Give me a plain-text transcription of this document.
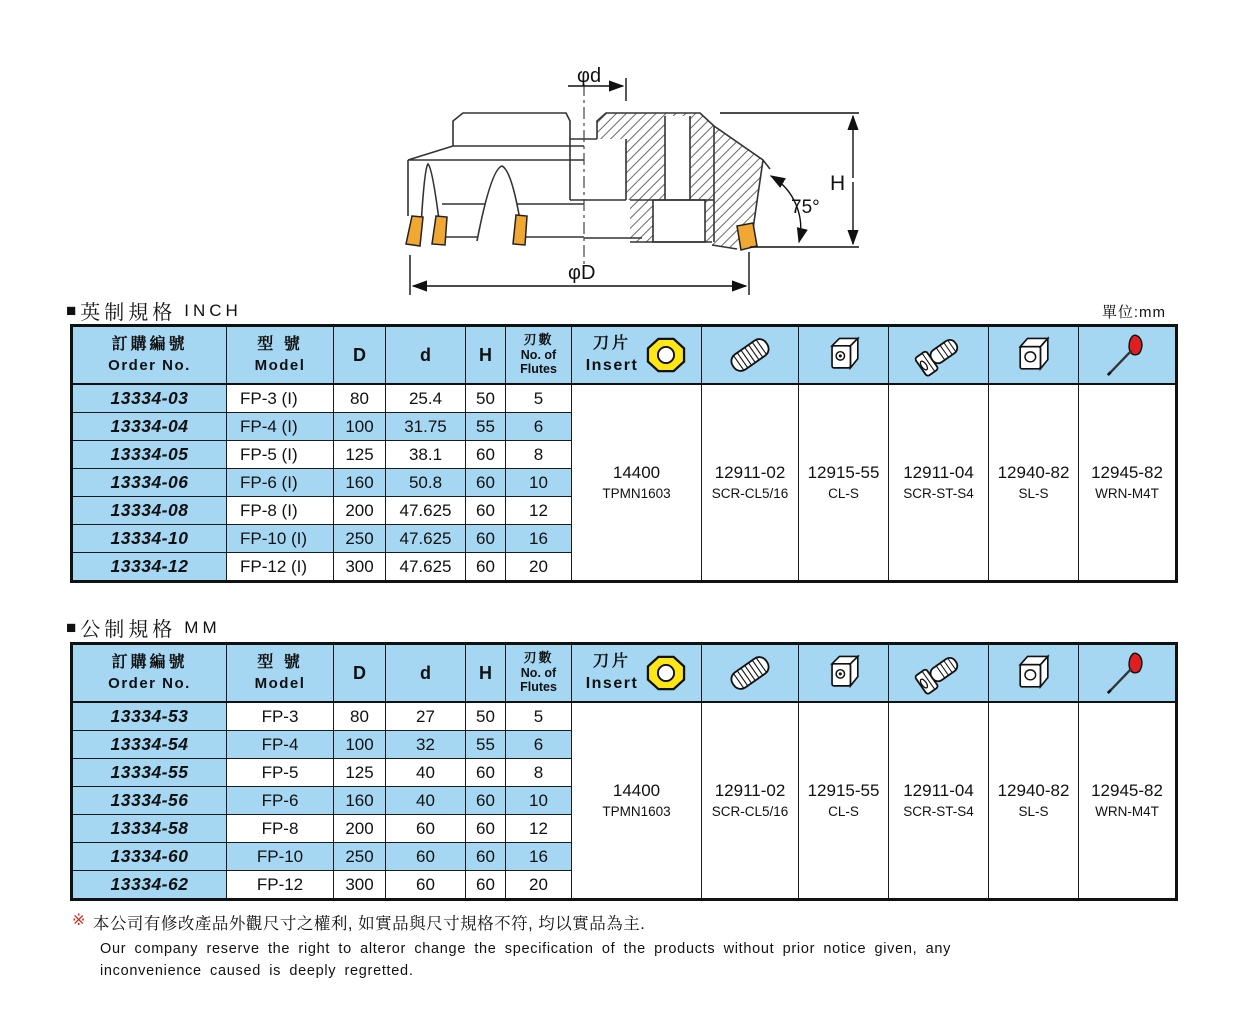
φd
H
75°
φD
■ 英制規格 INCH	單位:mm
訂購編號
Order No.

型 號
Model
	D	d	H	
刃數
No. of
Flutes

刀片
Insert

13334-03	FP-3 (I)	80	25.4	50	5	
14400
TPMN1603

12911-02
SCR-CL5/16

12915-55
CL-S

12911-04
SCR-ST-S4

12940-82
SL-S

12945-82
WRN-M4T

13334-04	FP-4 (I)	100	31.75	55	6						
13334-05	FP-5 (I)	125	38.1	60	8						
13334-06	FP-6 (I)	160	50.8	60	10						
13334-08	FP-8 (I)	200	47.625	60	12						
13334-10	FP-10 (I)	250	47.625	60	16						
13334-12	FP-12 (I)	300	47.625	60	20						
■ 公制規格 MM
訂購編號
Order No.

型 號
Model
	D	d	H	
刃數
No. of
Flutes

刀片
Insert

13334-53	FP-3	80	27	50	5	
14400
TPMN1603

12911-02
SCR-CL5/16

12915-55
CL-S

12911-04
SCR-ST-S4

12940-82
SL-S

12945-82
WRN-M4T

13334-54	FP-4	100	32	55	6						
13334-55	FP-5	125	40	60	8						
13334-56	FP-6	160	40	60	10						
13334-58	FP-8	200	60	60	12						
13334-60	FP-10	250	60	60	16						
13334-62	FP-12	300	60	60	20						
※ 本公司有修改產品外觀尺寸之權利, 如實品與尺寸規格不符, 均以實品為主.
Our company reserve the right to alteror change the specification of the products without prior notice given, any
inconvenience caused is deeply regretted.
